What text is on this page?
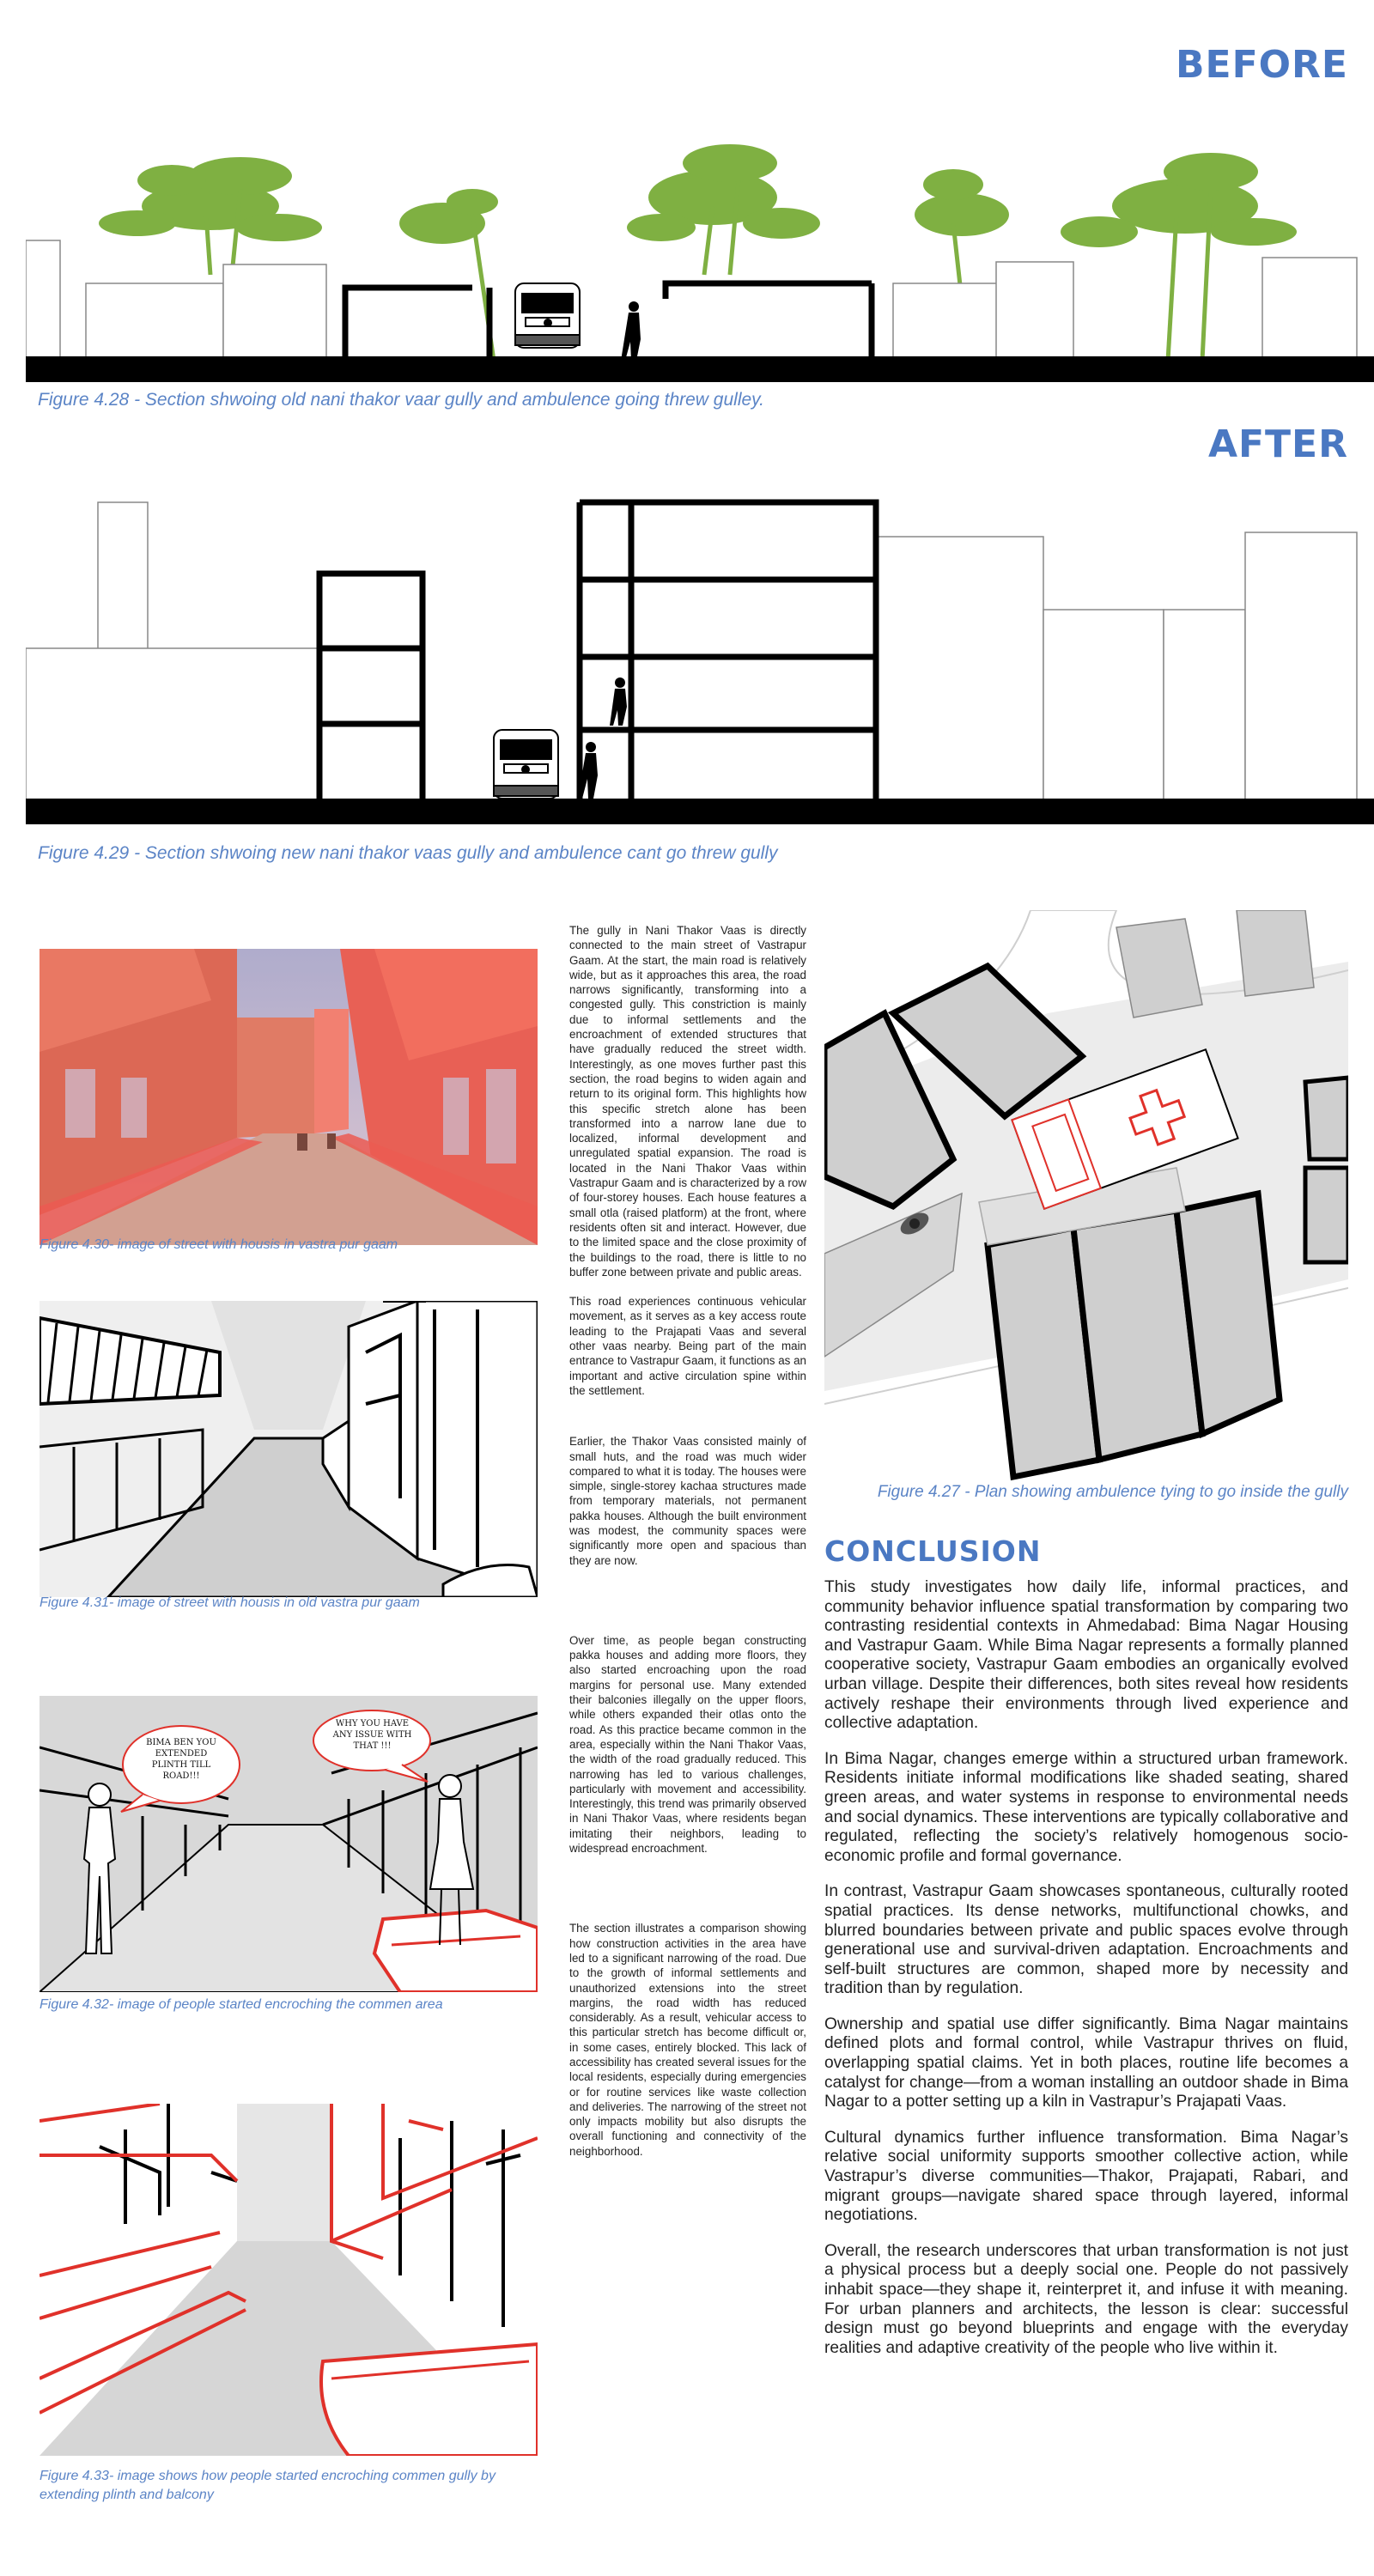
BEFORE
Figure 4.28 - Section shwoing old nani thakor vaar gully and ambulence going threw gulley.
AFTER
Figure 4.29 - Section shwoing new nani thakor vaas gully and ambulence cant go threw gully
Figure 4.30- image of street with housis in vastra pur gaam
Figure 4.31- image of street with housis in old vastra pur gaam
BIMA BEN YOU EXTENDED PLINTH TILL ROAD!!!
WHY YOU HAVE ANY ISSUE WITH THAT !!!
Figure 4.32- image of people started encroching the commen area
Figure 4.33- image shows how people started encroching commen gully by extending plinth and balcony

The gully in Nani Thakor Vaas is directly connected to the main street of Vastrapur Gaam. At the start, the main road is relatively wide, but as it approaches this area, the road narrows significantly, transforming into a congested gully. This constriction is mainly due to informal settlements and the encroachment of extended structures that have gradually reduced the street width. Interestingly, as one moves further past this section, the road begins to widen again and return to its original form. This highlights how this specific stretch alone has been transformed into a narrow lane due to localized, informal development and unregulated spatial expansion. The road is located in the Nani Thakor Vaas within Vastrapur Gaam and is characterized by a row of four-storey houses. Each house features a small otla (raised platform) at the front, where residents often sit and interact. However, due to the limited space and the close proximity of the buildings to the road, there is little to no buffer zone between private and public areas.

This road experiences continuous vehicular movement, as it serves as a key access route leading to the Prajapati Vaas and several other vaas nearby. Being part of the main entrance to Vastrapur Gaam, it functions as an important and active circulation spine within the settlement.

Earlier, the Thakor Vaas consisted mainly of small huts, and the road was much wider compared to what it is today. The houses were simple, single-storey kachaa structures made from temporary materials, not permanent pakka houses. Although the built environment was modest, the community spaces were significantly more open and spacious than they are now.

Over time, as people began constructing pakka houses and adding more floors, they also started encroaching upon the road margins for personal use. Many extended their balconies illegally on the upper floors, while others expanded their otlas onto the road. As this practice became common in the area, especially within the Nani Thakor Vaas, the width of the road gradually reduced. This narrowing has led to various challenges, particularly with movement and accessibility. Interestingly, this trend was primarily observed in Nani Thakor Vaas, where residents began imitating their neighbors, leading to widespread encroachment.

The section illustrates a comparison showing how construction activities in the area have led to a significant narrowing of the road. Due to the growth of informal settlements and unauthorized extensions into the street margins, the road width has reduced considerably. As a result, vehicular access to this particular stretch has become difficult or, in some cases, entirely blocked. This lack of accessibility has created several issues for the local residents, especially during emergencies or for routine services like waste collection and deliveries. The narrowing of the street not only impacts mobility but also disrupts the overall functioning and connectivity of the neighborhood.

Figure 4.27 - Plan showing ambulence tying to go inside the gully
CONCLUSION

This study investigates how daily life, informal practices, and community behavior influence spatial transformation by comparing two contrasting residential contexts in Ahmedabad: Bima Nagar Housing and Vastrapur Gaam. While Bima Nagar represents a formally planned cooperative society, Vastrapur Gaam embodies an organically evolved urban village. Despite their differences, both sites reveal how residents actively reshape their environments through lived experience and collective adaptation.

In Bima Nagar, changes emerge within a structured urban framework. Residents initiate informal modifications like shaded seating, shared green areas, and water systems in response to environmental needs and social dynamics. These interventions are typically collaborative and regulated, reflecting the society’s relatively homogenous socio-economic profile and formal governance.

In contrast, Vastrapur Gaam showcases spontaneous, culturally rooted spatial practices. Its dense networks, multifunctional chowks, and blurred boundaries between private and public spaces evolve through generational use and survival-driven adaptation. Encroachments and self-built structures are common, shaped more by necessity and tradition than by regulation.

Ownership and spatial use differ significantly. Bima Nagar maintains defined plots and formal control, while Vastrapur thrives on fluid, overlapping spatial claims. Yet in both places, routine life becomes a catalyst for change—from a woman installing an outdoor shade in Bima Nagar to a potter setting up a kiln in Vastrapur’s Prajapati Vaas.

Cultural dynamics further influence transformation. Bima Nagar’s relative social uniformity supports smoother collective action, while Vastrapur’s diverse communities—Thakor, Prajapati, Rabari, and migrant groups—navigate shared space through layered, informal negotiations.

Overall, the research underscores that urban transformation is not just a physical process but a deeply social one. People do not passively inhabit space—they shape it, reinterpret it, and infuse it with meaning. For urban planners and architects, the lesson is clear: successful design must go beyond blueprints and engage with the everyday realities and adaptive creativity of the people who live within it.
